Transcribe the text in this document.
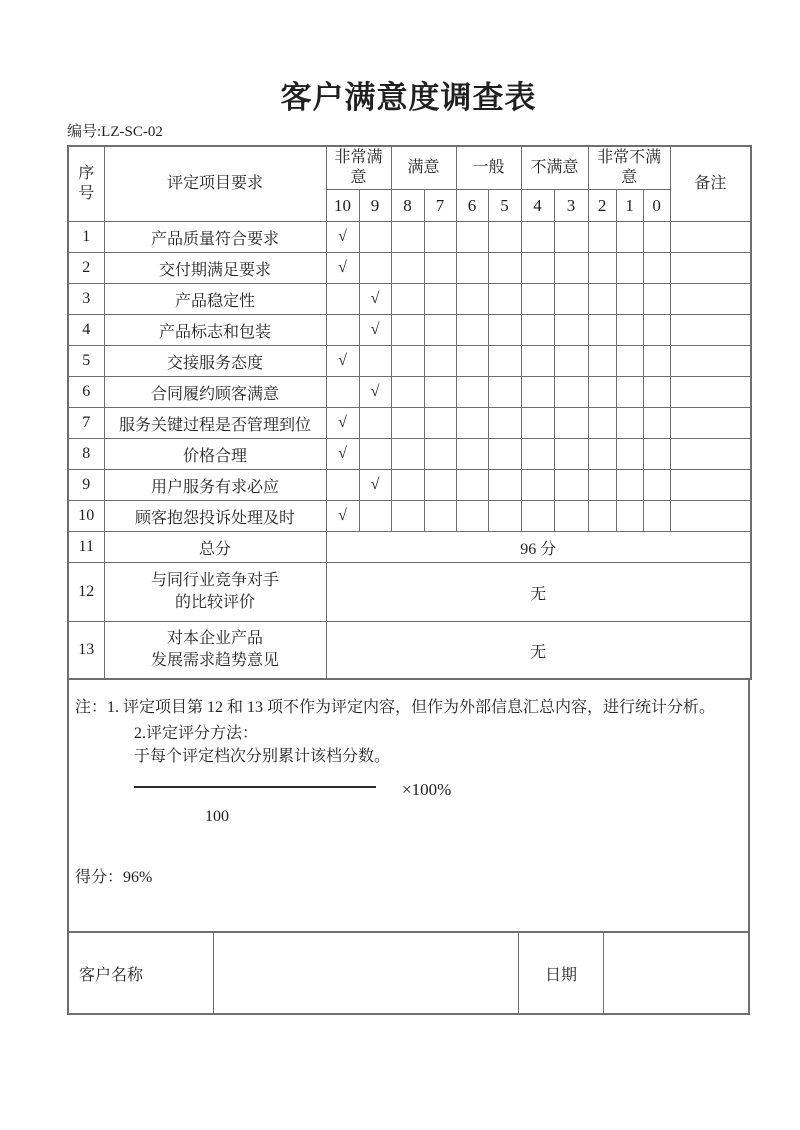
客户满意度调查表
编号:LZ-SC-02
序号	评定项目要求	非常满意		满意		一般		不满意		非常不满意			备注
		10	9	8	7	6	5	4	3	2	1	0	
1	产品质量符合要求	√											
2	交付期满足要求	√											
3	产品稳定性		√										
4	产品标志和包装		√										
5	交接服务态度	√											
6	合同履约顾客满意		√										
7	服务关键过程是否管理到位	√											
8	价格合理	√											
9	用户服务有求必应		√										
10	顾客抱怨投诉处理及时	√											
11	总分	96 分											
12	与同行业竞争对手
的比较评价	无											
13	对本企业产品
发展需求趋势意见	无											
注：1. 评定项目第 12 和 13 项不作为评定内容，但作为外部信息汇总内容，进行统计分析。
2.评定评分方法：
于每个评定档次分别累计该档分数。
×100%
100
得分：96%
客户名称	日期
